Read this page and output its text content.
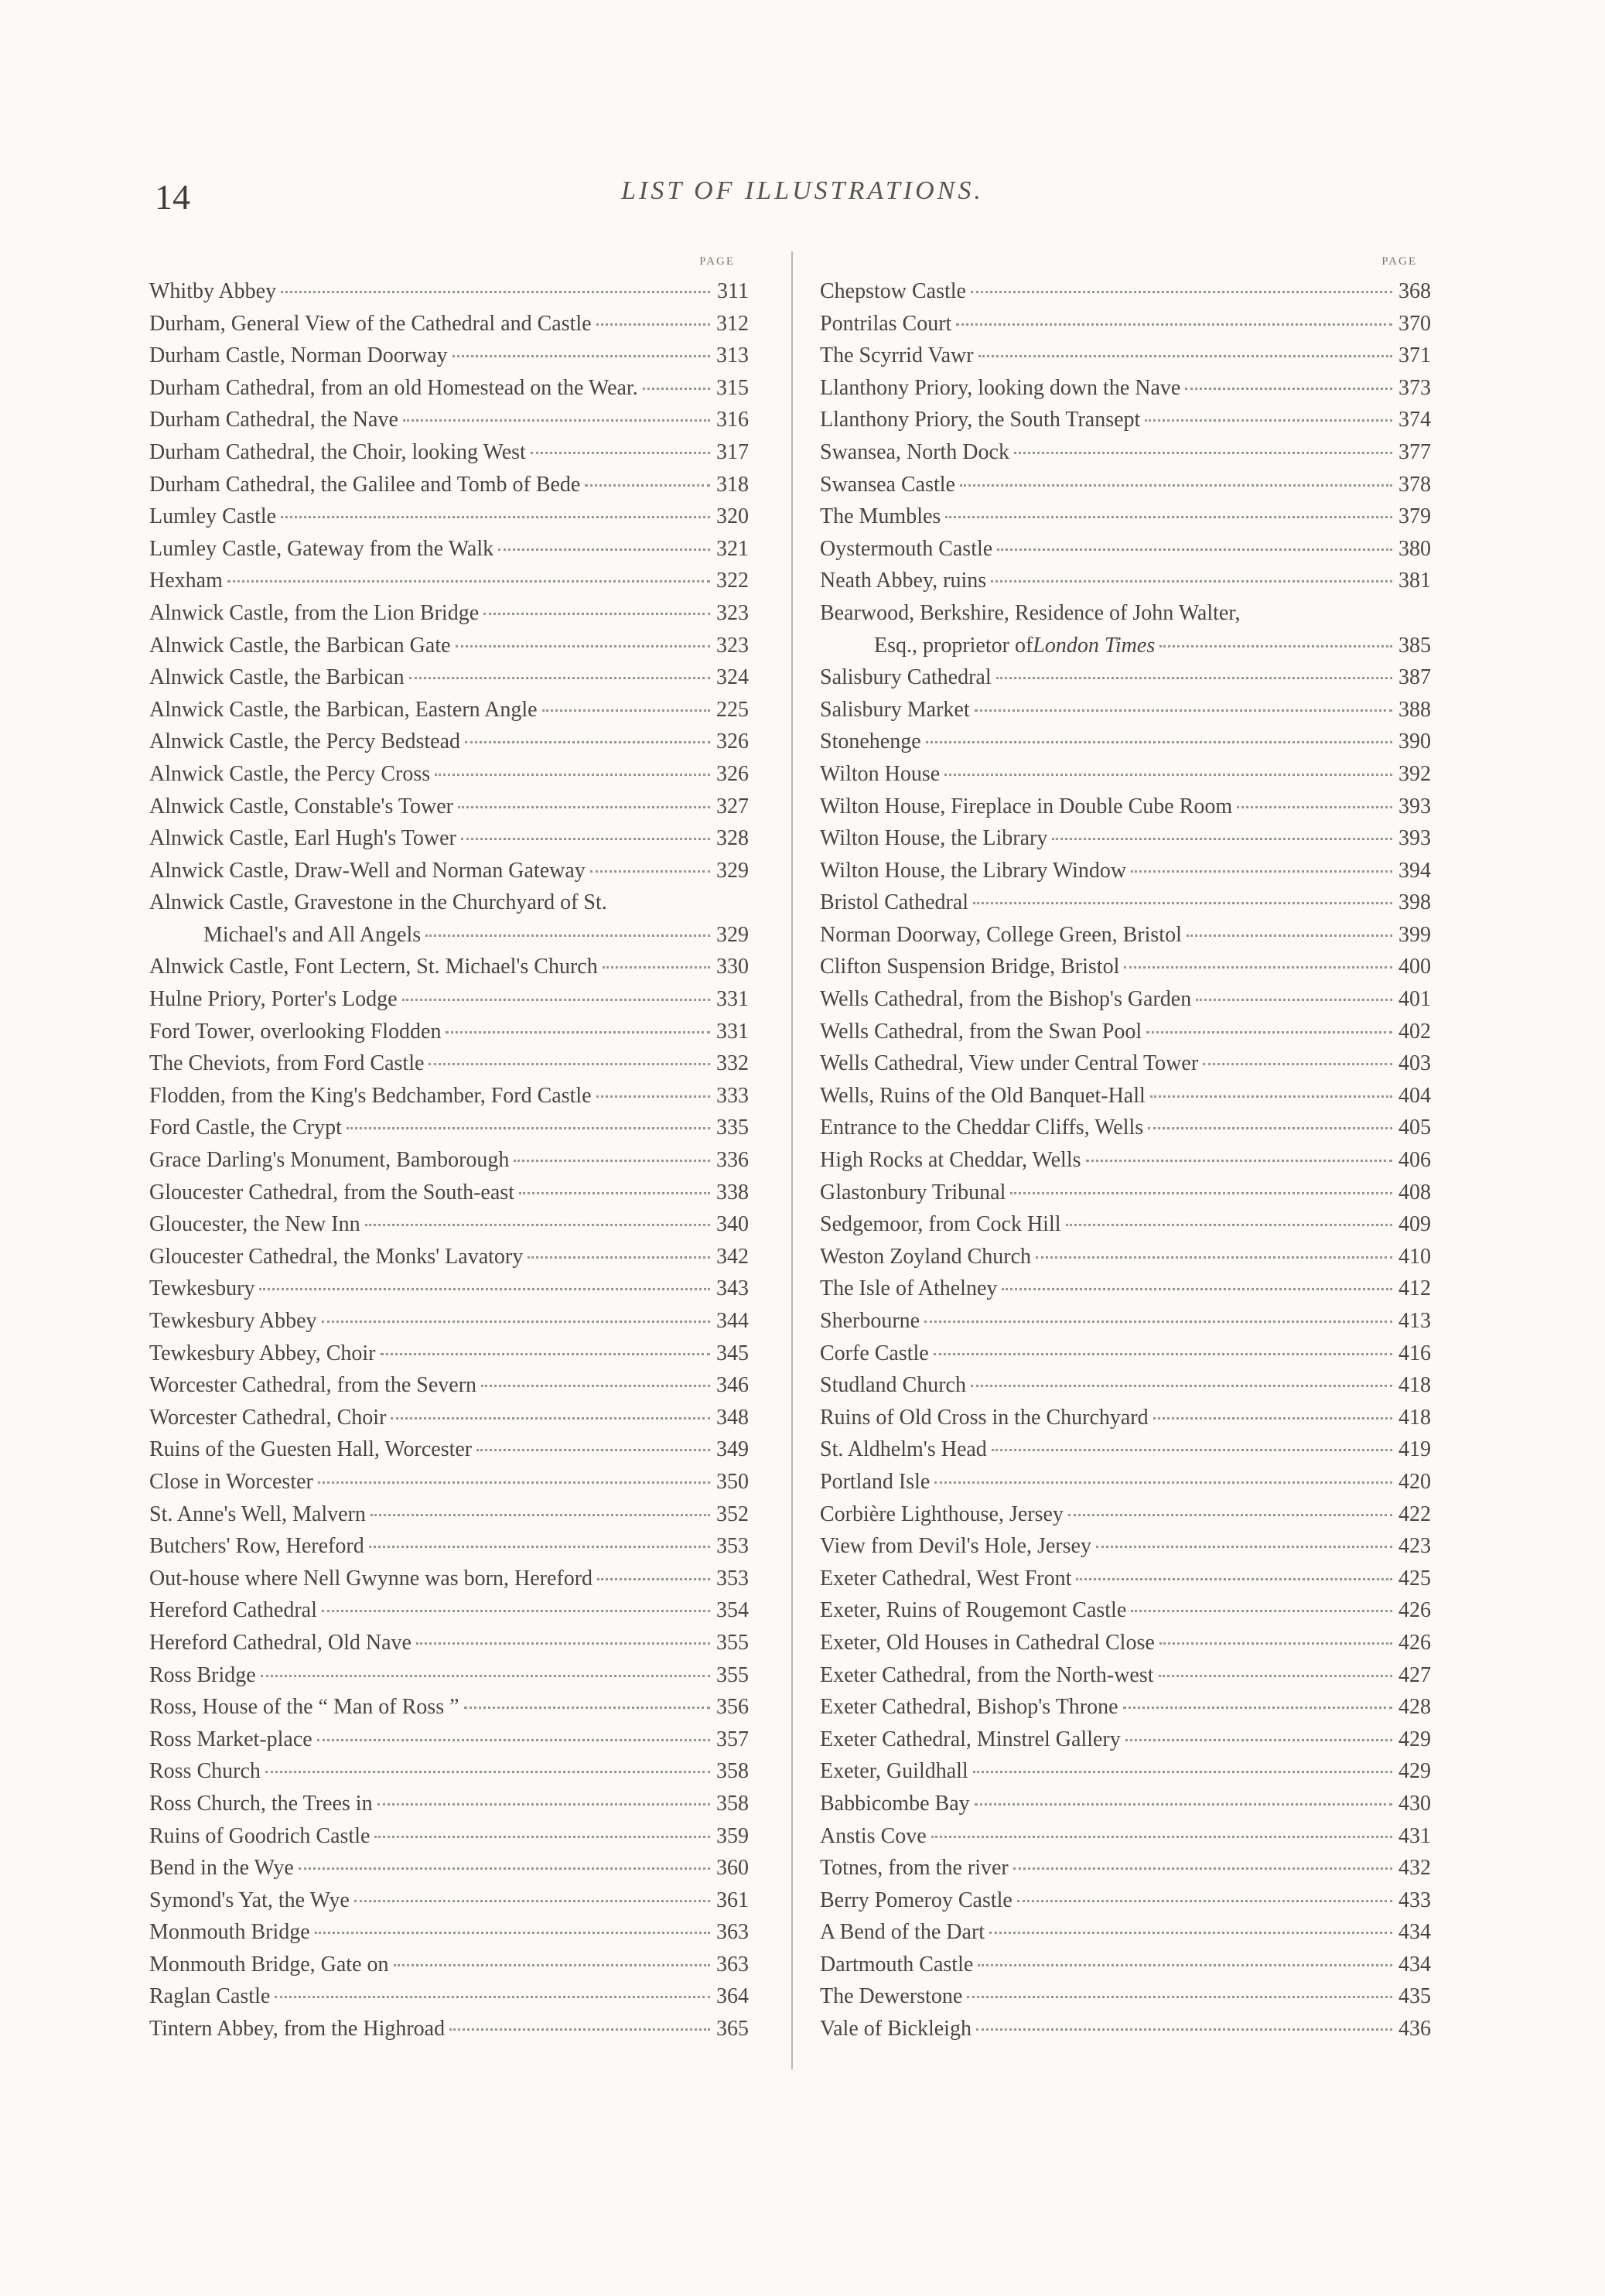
14	LIST OF ILLUSTRATIONS.
PAGE
Whitby Abbey	311
Durham, General View of the Cathedral and Castle	312
Durham Castle, Norman Doorway	313
Durham Cathedral, from an old Homestead on the Wear.	315
Durham Cathedral, the Nave	316
Durham Cathedral, the Choir, looking West	317
Durham Cathedral, the Galilee and Tomb of Bede	318
Lumley Castle	320
Lumley Castle, Gateway from the Walk	321
Hexham	322
Alnwick Castle, from the Lion Bridge	323
Alnwick Castle, the Barbican Gate	323
Alnwick Castle, the Barbican	324
Alnwick Castle, the Barbican, Eastern Angle	225
Alnwick Castle, the Percy Bedstead	326
Alnwick Castle, the Percy Cross	326
Alnwick Castle, Constable's Tower	327
Alnwick Castle, Earl Hugh's Tower	328
Alnwick Castle, Draw-Well and Norman Gateway	329
Alnwick Castle, Gravestone in the Churchyard of St.
Michael's and All Angels	329
Alnwick Castle, Font Lectern, St. Michael's Church	330
Hulne Priory, Porter's Lodge	331
Ford Tower, overlooking Flodden	331
The Cheviots, from Ford Castle	332
Flodden, from the King's Bedchamber, Ford Castle	333
Ford Castle, the Crypt	335
Grace Darling's Monument, Bamborough	336
Gloucester Cathedral, from the South-east	338
Gloucester, the New Inn	340
Gloucester Cathedral, the Monks' Lavatory	342
Tewkesbury	343
Tewkesbury Abbey	344
Tewkesbury Abbey, Choir	345
Worcester Cathedral, from the Severn	346
Worcester Cathedral, Choir	348
Ruins of the Guesten Hall, Worcester	349
Close in Worcester	350
St. Anne's Well, Malvern	352
Butchers' Row, Hereford	353
Out-house where Nell Gwynne was born, Hereford	353
Hereford Cathedral	354
Hereford Cathedral, Old Nave	355
Ross Bridge	355
Ross, House of the “ Man of Ross ”	356
Ross Market-place	357
Ross Church	358
Ross Church, the Trees in	358
Ruins of Goodrich Castle	359
Bend in the Wye	360
Symond's Yat, the Wye	361
Monmouth Bridge	363
Monmouth Bridge, Gate on	363
Raglan Castle	364
Tintern Abbey, from the Highroad	365
PAGE
Chepstow Castle	368
Pontrilas Court	370
The Scyrrid Vawr	371
Llanthony Priory, looking down the Nave	373
Llanthony Priory, the South Transept	374
Swansea, North Dock	377
Swansea Castle	378
The Mumbles	379
Oystermouth Castle	380
Neath Abbey, ruins	381
Bearwood, Berkshire, Residence of John Walter,
Esq., proprietor of London Times	385
Salisbury Cathedral	387
Salisbury Market	388
Stonehenge	390
Wilton House	392
Wilton House, Fireplace in Double Cube Room	393
Wilton House, the Library	393
Wilton House, the Library Window	394
Bristol Cathedral	398
Norman Doorway, College Green, Bristol	399
Clifton Suspension Bridge, Bristol	400
Wells Cathedral, from the Bishop's Garden	401
Wells Cathedral, from the Swan Pool	402
Wells Cathedral, View under Central Tower	403
Wells, Ruins of the Old Banquet-Hall	404
Entrance to the Cheddar Cliffs, Wells	405
High Rocks at Cheddar, Wells	406
Glastonbury Tribunal	408
Sedgemoor, from Cock Hill	409
Weston Zoyland Church	410
The Isle of Athelney	412
Sherbourne	413
Corfe Castle	416
Studland Church	418
Ruins of Old Cross in the Churchyard	418
St. Aldhelm's Head	419
Portland Isle	420
Corbière Lighthouse, Jersey	422
View from Devil's Hole, Jersey	423
Exeter Cathedral, West Front	425
Exeter, Ruins of Rougemont Castle	426
Exeter, Old Houses in Cathedral Close	426
Exeter Cathedral, from the North-west	427
Exeter Cathedral, Bishop's Throne	428
Exeter Cathedral, Minstrel Gallery	429
Exeter, Guildhall	429
Babbicombe Bay	430
Anstis Cove	431
Totnes, from the river	432
Berry Pomeroy Castle	433
A Bend of the Dart	434
Dartmouth Castle	434
The Dewerstone	435
Vale of Bickleigh	436
